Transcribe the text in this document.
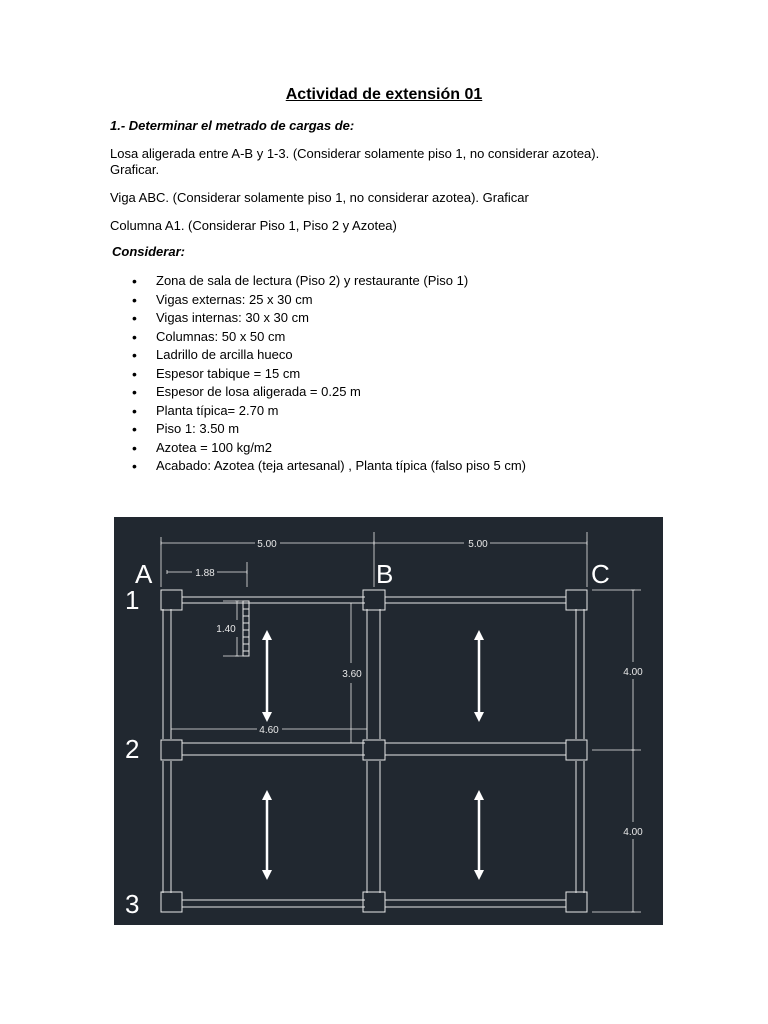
Actividad de extensión 01
1.- Determinar el metrado de cargas de:
Losa aligerada entre A-B y 1-3. (Considerar solamente piso 1, no considerar azotea). Graficar.
Viga ABC. (Considerar solamente piso 1, no considerar azotea). Graficar
Columna A1. (Considerar Piso 1, Piso 2 y Azotea)
Considerar:
• Zona de sala de lectura (Piso 2) y restaurante (Piso 1)
• Vigas externas: 25 x 30 cm
• Vigas internas: 30 x 30 cm
• Columnas: 50 x 50 cm
• Ladrillo de arcilla hueco
• Espesor tabique = 15 cm
• Espesor de losa aligerada = 0.25 m
• Planta típica= 2.70 m
• Piso 1: 3.50 m
• Azotea = 100 kg/m2
• Acabado: Azotea (teja artesanal) , Planta típica (falso piso 5 cm)
A	B	C
1
2
3
5.00	5.00
1.88
1.40
3.60
4.60
4.00
4.00
